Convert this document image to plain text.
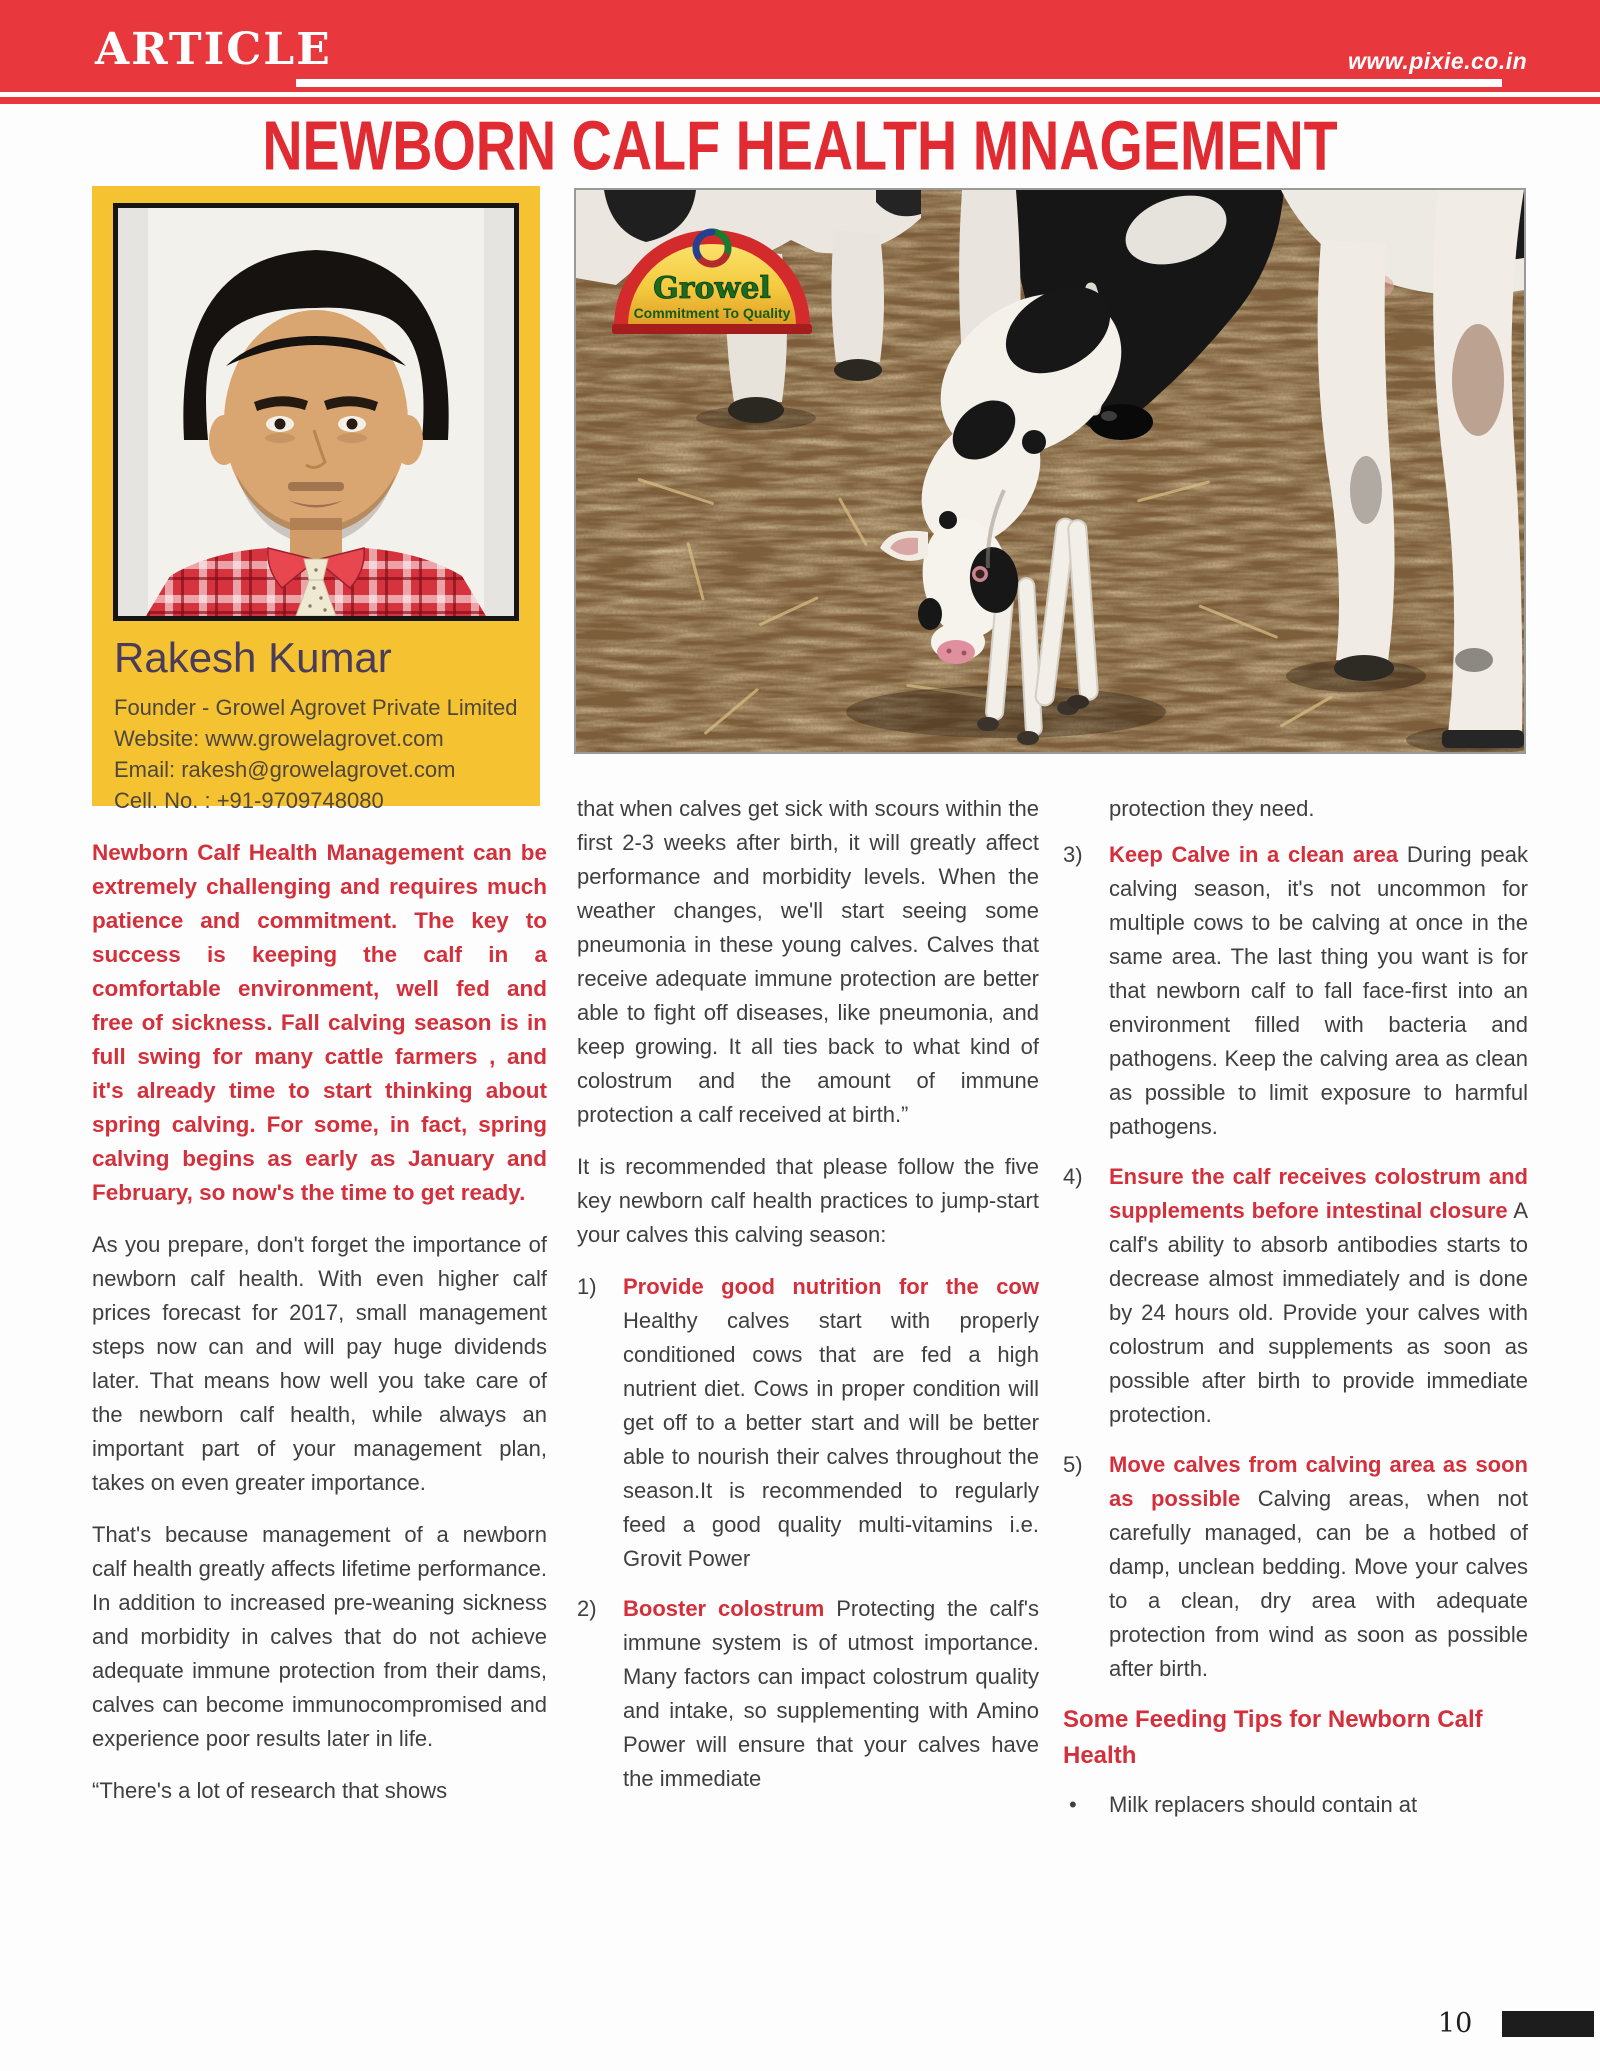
ARTICLE	www.pixie.co.in
NEWBORN CALF HEALTH MNAGEMENT
Rakesh Kumar
Founder - Growel Agrovet Private Limited
Website: www.growelagrovet.com
Email: rakesh@growelagrovet.com
Cell. No. : +91-9709748080
Growel
Commitment To Quality

Newborn Calf Health Management can be extremely challenging and requires much patience and commitment. The key to success is keeping the calf in a comfortable environment, well fed and free of sickness. Fall calving season is in full swing for many cattle farmers , and it's already time to start thinking about spring calving. For some, in fact, spring calving begins as early as January and February, so now's the time to get ready.

As you prepare, don't forget the importance of newborn calf health. With even higher calf prices forecast for 2017, small management steps now can and will pay huge dividends later. That means how well you take care of the newborn calf health, while always an important part of your management plan, takes on even greater importance.

That's because management of a newborn calf health greatly affects lifetime performance. In addition to increased pre-weaning sickness and morbidity in calves that do not achieve adequate immune protection from their dams, calves can become immunocompromised and experience poor results later in life.

“There's a lot of research that shows

that when calves get sick with scours within the first 2-3 weeks after birth, it will greatly affect performance and morbidity levels. When the weather changes, we'll start seeing some pneumonia in these young calves. Calves that receive adequate immune protection are better able to fight off diseases, like pneumonia, and keep growing. It all ties back to what kind of colostrum and the amount of immune protection a calf received at birth.”

It is recommended that please follow the five key newborn calf health practices to jump-start your calves this calving season:

1)	Provide good nutrition for the cow Healthy calves start with properly conditioned cows that are fed a high nutrient diet. Cows in proper condition will get off to a better start and will be better able to nourish their calves throughout the season.It is recommended to regularly feed a good quality multi-vitamins i.e. Grovit Power
2)	Booster colostrum Protecting the calf's immune system is of utmost importance. Many factors can impact colostrum quality and intake, so supplementing with Amino Power will ensure that your calves have the immediate

protection they need.

3)	Keep Calve in a clean area During peak calving season, it's not uncommon for multiple cows to be calving at once in the same area. The last thing you want is for that newborn calf to fall face-first into an environment filled with bacteria and pathogens. Keep the calving area as clean as possible to limit exposure to harmful pathogens.
4)	Ensure the calf receives colostrum and supplements before intestinal closure A calf's ability to absorb antibodies starts to decrease almost immediately and is done by 24 hours old. Provide your calves with colostrum and supplements as soon as possible after birth to provide immediate protection.
5)	Move calves from calving area as soon as possible Calving areas, when not carefully managed, can be a hotbed of damp, unclean bedding. Move your calves to a clean, dry area with adequate protection from wind as soon as possible after birth.
Some Feeding Tips for Newborn Calf Health
•	Milk replacers should contain at
10
